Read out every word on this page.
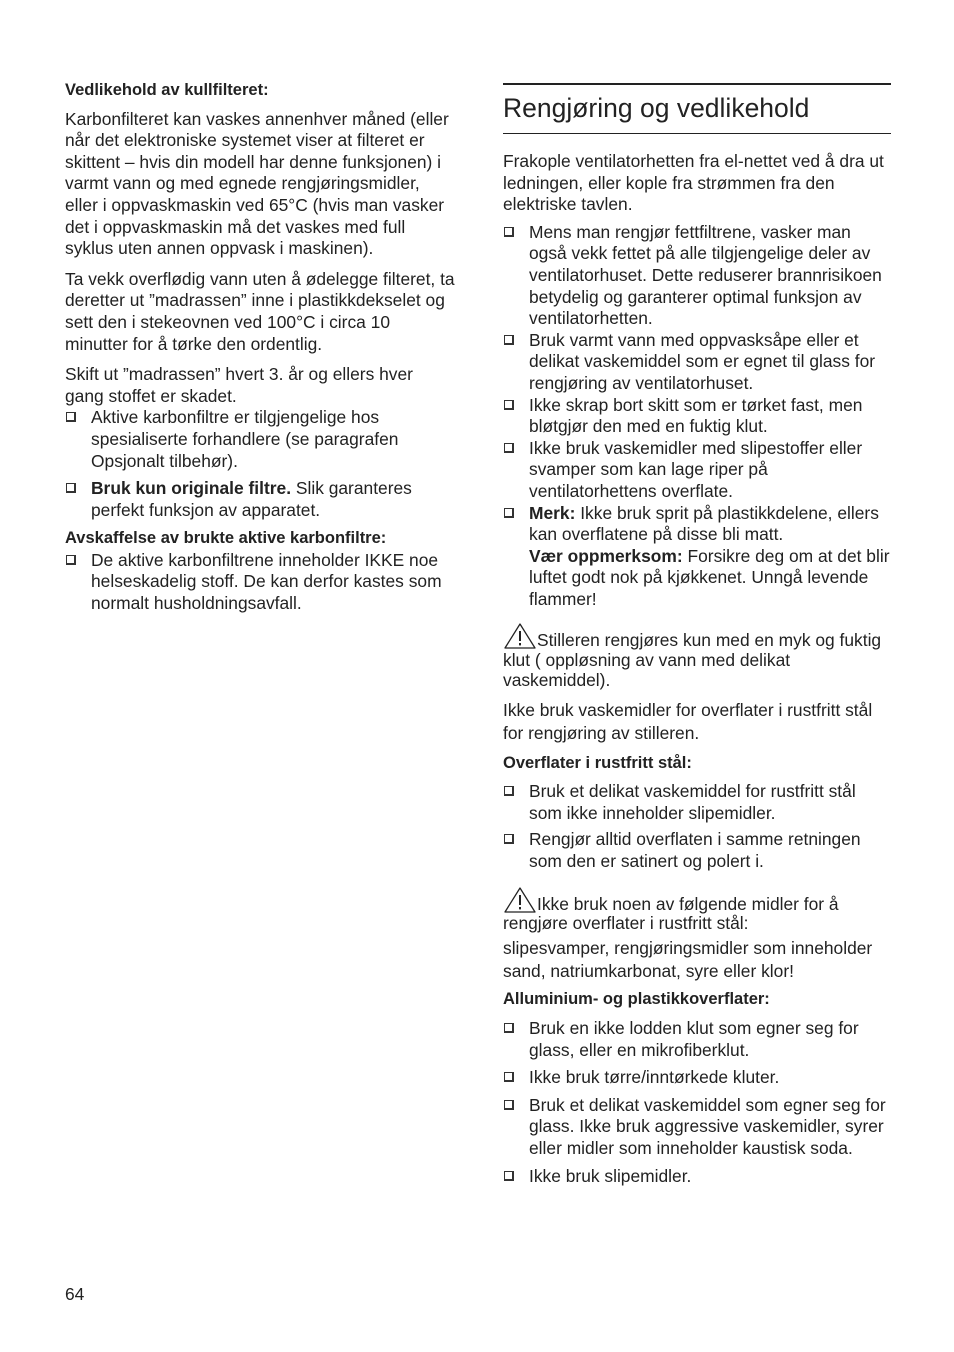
Vedlikehold av kullfilteret:

Karbonfilteret kan vaskes annenhver måned (eller når det elektroniske systemet viser at filteret er skittent – hvis din modell har denne funksjonen) i varmt vann og med egnede rengjøringsmidler, eller i oppvaskmaskin ved 65°C (hvis man vasker det i oppvaskmaskin må det vaskes med full syklus uten annen oppvask i maskinen).

Ta vekk overflødig vann uten å ødelegge filteret, ta deretter ut ”madrassen” inne i plastikkdekselet og sett den i stekeovnen ved 100°C i circa 10 minutter for å tørke den ordentlig.

Skift ut ”madrassen” hvert 3. år og ellers hver gang stoffet er skadet.

Aktive karbonfiltre er tilgjengelige hos spesialiserte forhandlere (se paragrafen Opsjonalt tilbehør).
Bruk kun originale filtre. Slik garanteres perfekt funksjon av apparatet.

Avskaffelse av brukte aktive karbonfiltre:

De aktive karbonfiltrene inneholder IKKE noe helseskadelig stoff. De kan derfor kastes som normalt husholdningsavfall.
Rengjøring og vedlikehold

Frakople ventilatorhetten fra el-nettet ved å dra ut ledningen, eller kople fra strømmen fra den elektriske tavlen.

Mens man rengjør fettfiltrene, vasker man også vekk fettet på alle tilgjengelige deler av ventilatorhuset. Dette reduserer brannrisikoen betydelig og garanterer optimal funksjon av ventilatorhetten.
Bruk varmt vann med oppvasksåpe eller et delikat vaskemiddel som er egnet til glass for rengjøring av ventilatorhuset.
Ikke skrap bort skitt som er tørket fast, men bløtgjør den med en fuktig klut.
Ikke bruk vaskemidler med slipestoffer eller svamper som kan lage riper på ventilatorhettens overflate.
Merk: Ikke bruk sprit på plastikkdelene, ellers kan overflatene på disse bli matt.
Vær oppmerksom: Forsikre deg om at det blir luftet godt nok på kjøkkenet. Unngå levende flammer!

Stilleren rengjøres kun med en myk og fuktig klut ( oppløsning av vann med delikat vaskemiddel).

Ikke bruk vaskemidler for overflater i rustfritt stål for rengjøring av stilleren.

Overflater i rustfritt stål:

Bruk et delikat vaskemiddel for rustfritt stål som ikke inneholder slipemidler.
Rengjør alltid overflaten i samme retningen som den er satinert og polert i.

Ikke bruk noen av følgende midler for å rengjøre overflater i rustfritt stål:

slipesvamper, rengjøringsmidler som inneholder sand, natriumkarbonat, syre eller klor!

Alluminium- og plastikkoverflater:

Bruk en ikke lodden klut som egner seg for glass, eller en mikrofiberklut.
Ikke bruk tørre/inntørkede kluter.
Bruk et delikat vaskemiddel som egner seg for glass. Ikke bruk aggressive vaskemidler, syrer eller midler som inneholder kaustisk soda.
Ikke bruk slipemidler.
64
